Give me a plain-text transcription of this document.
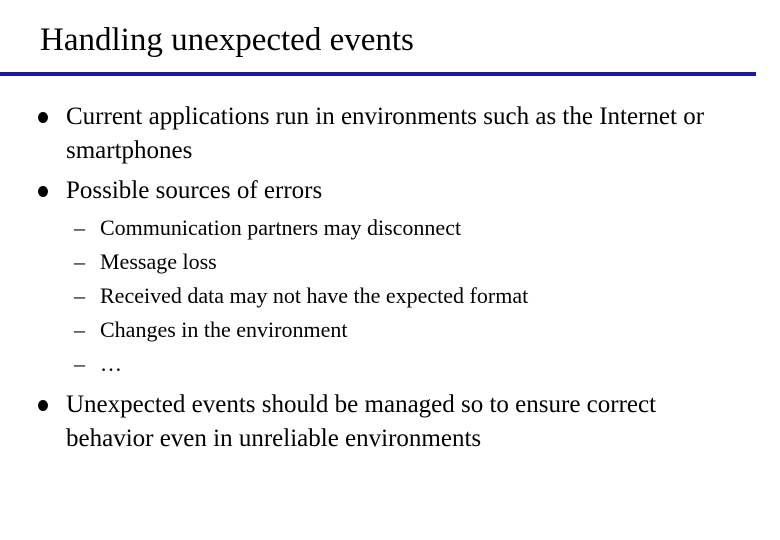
Handling unexpected events
Current applications run in environments such as the Internet or smartphones
Possible sources of errors
– Communication partners may disconnect
– Message loss
– Received data may not have the expected format
– Changes in the environment
– …
Unexpected events should be managed so to ensure correct behavior even in unreliable environments
